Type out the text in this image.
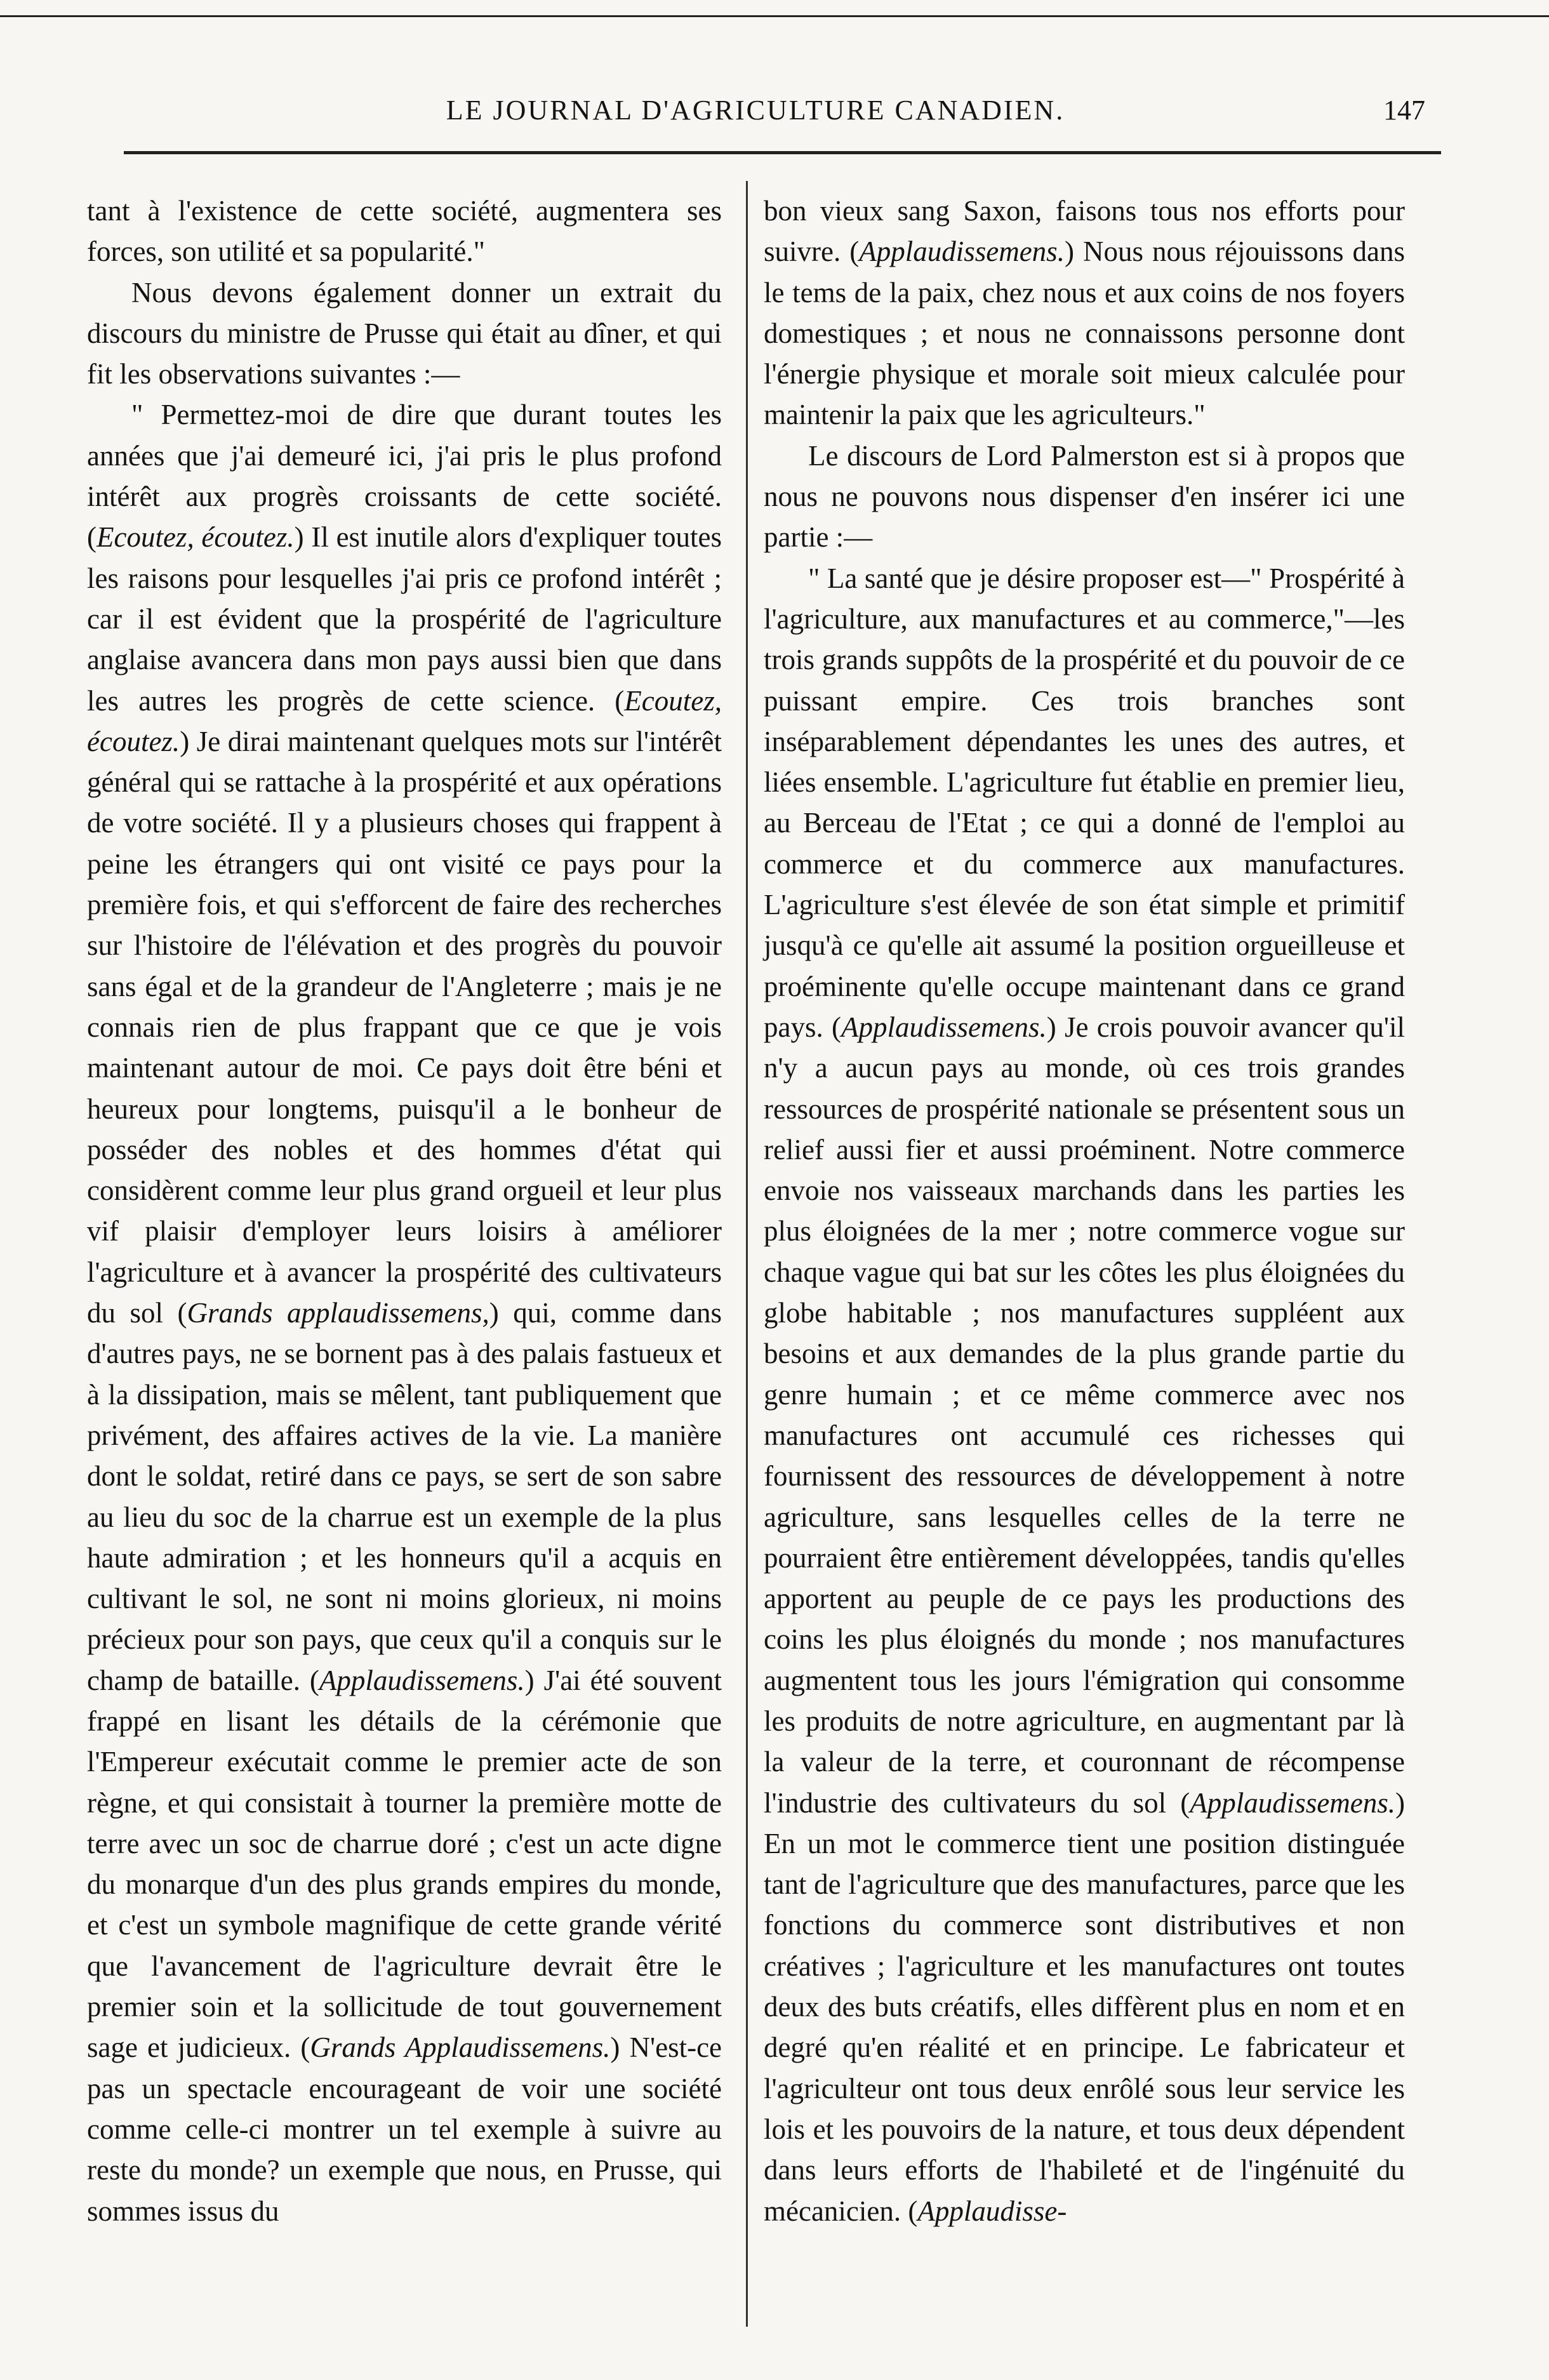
LE JOURNAL D'AGRICULTURE CANADIEN.	147

tant à l'existence de cette société, augmentera ses forces, son utilité et sa popularité."

Nous devons également donner un extrait du discours du ministre de Prusse qui était au dîner, et qui fit les observations suivantes :—

" Permettez-moi de dire que durant toutes les années que j'ai demeuré ici, j'ai pris le plus profond intérêt aux progrès croissants de cette société. (Ecoutez, écoutez.) Il est inutile alors d'expliquer toutes les raisons pour lesquelles j'ai pris ce profond intérêt ; car il est évident que la prospérité de l'agriculture anglaise avancera dans mon pays aussi bien que dans les autres les progrès de cette science. (Ecoutez, écoutez.) Je dirai maintenant quelques mots sur l'intérêt général qui se rattache à la prospérité et aux opérations de votre société. Il y a plusieurs choses qui frappent à peine les étrangers qui ont visité ce pays pour la première fois, et qui s'efforcent de faire des recherches sur l'histoire de l'élévation et des progrès du pouvoir sans égal et de la grandeur de l'Angleterre ; mais je ne connais rien de plus frappant que ce que je vois maintenant autour de moi. Ce pays doit être béni et heureux pour longtems, puisqu'il a le bonheur de posséder des nobles et des hommes d'état qui considèrent comme leur plus grand orgueil et leur plus vif plaisir d'employer leurs loisirs à améliorer l'agriculture et à avancer la prospérité des cultivateurs du sol (Grands applaudissemens,) qui, comme dans d'autres pays, ne se bornent pas à des palais fastueux et à la dissipation, mais se mêlent, tant publiquement que privément, des affaires actives de la vie. La manière dont le soldat, retiré dans ce pays, se sert de son sabre au lieu du soc de la charrue est un exemple de la plus haute admiration ; et les honneurs qu'il a acquis en cultivant le sol, ne sont ni moins glorieux, ni moins précieux pour son pays, que ceux qu'il a conquis sur le champ de bataille. (Applaudissemens.) J'ai été souvent frappé en lisant les détails de la cérémonie que l'Empereur exécutait comme le premier acte de son règne, et qui consistait à tourner la première motte de terre avec un soc de charrue doré ; c'est un acte digne du monarque d'un des plus grands empires du monde, et c'est un symbole magnifique de cette grande vérité que l'avancement de l'agriculture devrait être le premier soin et la sollicitude de tout gouvernement sage et judicieux. (Grands Applaudissemens.) N'est-ce pas un spectacle encourageant de voir une société comme celle-ci montrer un tel exemple à suivre au reste du monde? un exemple que nous, en Prusse, qui sommes issus du

bon vieux sang Saxon, faisons tous nos efforts pour suivre. (Applaudissemens.) Nous nous réjouissons dans le tems de la paix, chez nous et aux coins de nos foyers domestiques ; et nous ne connaissons personne dont l'énergie physique et morale soit mieux calculée pour maintenir la paix que les agriculteurs."

Le discours de Lord Palmerston est si à propos que nous ne pouvons nous dispenser d'en insérer ici une partie :—

" La santé que je désire proposer est—" Prospérité à l'agriculture, aux manufactures et au commerce,"—les trois grands suppôts de la prospérité et du pouvoir de ce puissant empire. Ces trois branches sont inséparablement dépendantes les unes des autres, et liées ensemble. L'agriculture fut établie en premier lieu, au Berceau de l'Etat ; ce qui a donné de l'emploi au commerce et du commerce aux manufactures. L'agriculture s'est élevée de son état simple et primitif jusqu'à ce qu'elle ait assumé la position orgueilleuse et proéminente qu'elle occupe maintenant dans ce grand pays. (Applaudissemens.) Je crois pouvoir avancer qu'il n'y a aucun pays au monde, où ces trois grandes ressources de prospérité nationale se présentent sous un relief aussi fier et aussi proéminent. Notre commerce envoie nos vaisseaux marchands dans les parties les plus éloignées de la mer ; notre commerce vogue sur chaque vague qui bat sur les côtes les plus éloignées du globe habitable ; nos manufactures suppléent aux besoins et aux demandes de la plus grande partie du genre humain ; et ce même commerce avec nos manufactures ont accumulé ces richesses qui fournissent des ressources de développement à notre agriculture, sans lesquelles celles de la terre ne pourraient être entièrement développées, tandis qu'elles apportent au peuple de ce pays les productions des coins les plus éloignés du monde ; nos manufactures augmentent tous les jours l'émigration qui consomme les produits de notre agriculture, en augmentant par là la valeur de la terre, et couronnant de récompense l'industrie des cultivateurs du sol (Applaudissemens.) En un mot le commerce tient une position distinguée tant de l'agriculture que des manufactures, parce que les fonctions du commerce sont distributives et non créatives ; l'agriculture et les manufactures ont toutes deux des buts créatifs, elles diffèrent plus en nom et en degré qu'en réalité et en principe. Le fabricateur et l'agriculteur ont tous deux enrôlé sous leur service les lois et les pouvoirs de la nature, et tous deux dépendent dans leurs efforts de l'habileté et de l'ingénuité du mécanicien. (Applaudisse-
